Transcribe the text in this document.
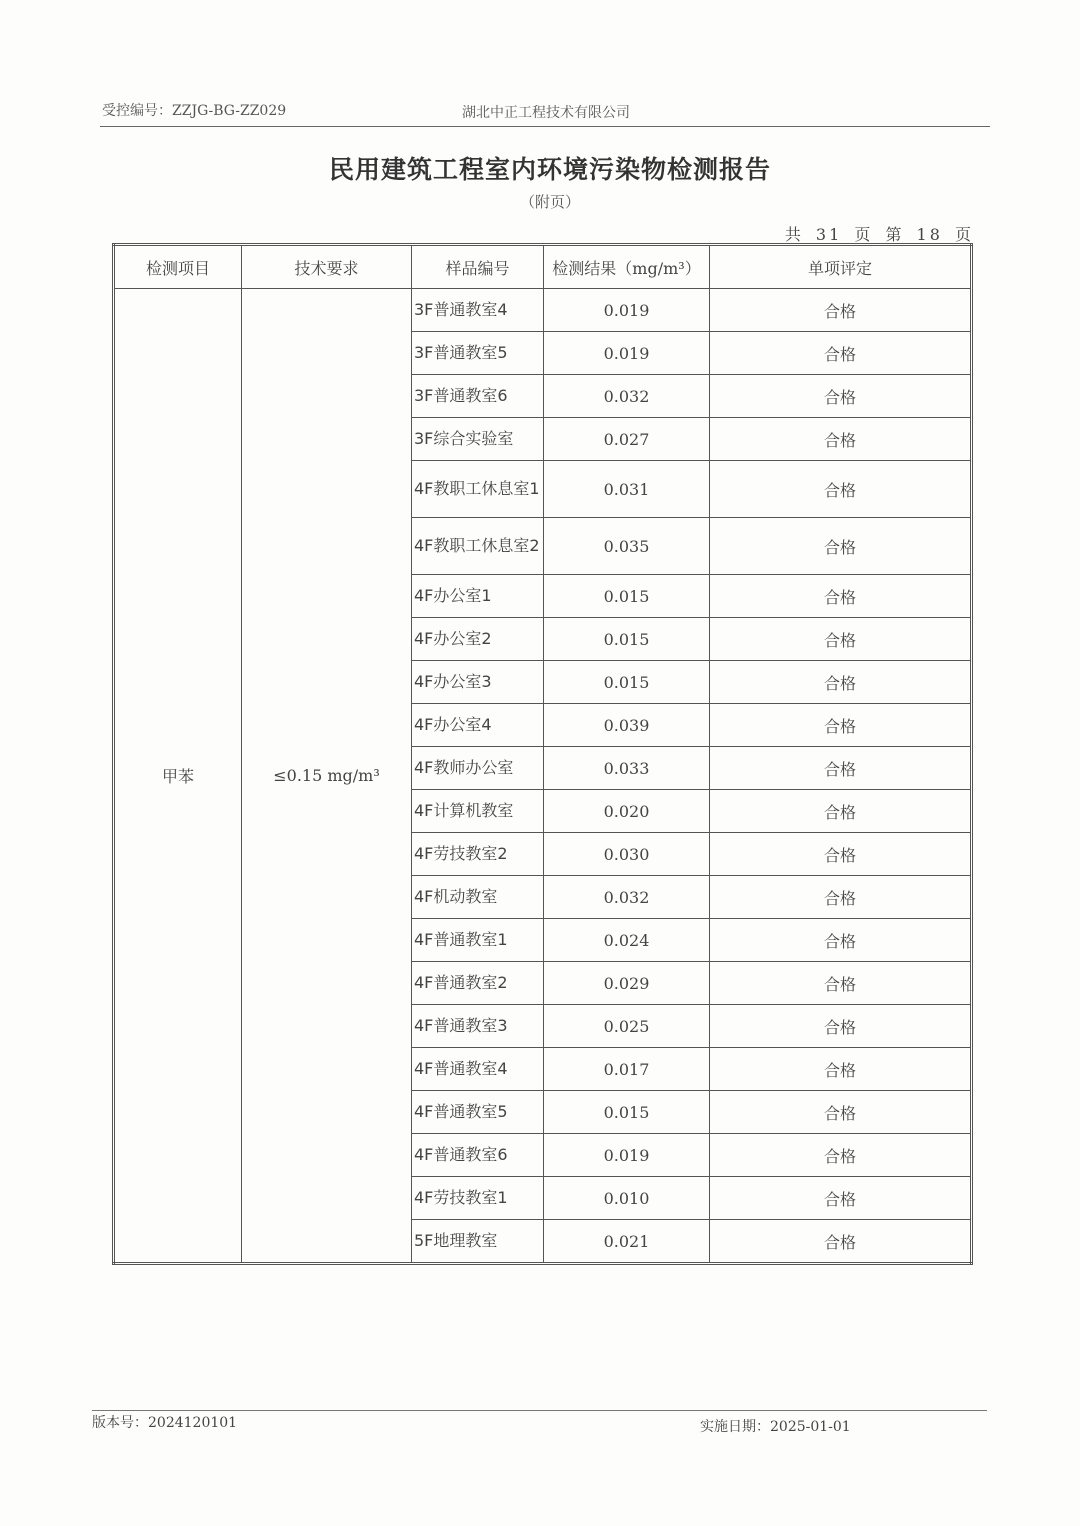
受控编号：ZZJG-BG-ZZ029	湖北中正工程技术有限公司
民用建筑工程室内环境污染物检测报告
（附页）
共 31 页 第 18 页
检测项目	技术要求	样品编号	检测结果（mg/m³）	单项评定
甲苯	≤0.15 mg/m³	3F普通教室4	0.019	合格
		3F普通教室5	0.019	合格
		3F普通教室6	0.032	合格
		3F综合实验室	0.027	合格
		4F教职工休息室1	0.031	合格
		4F教职工休息室2	0.035	合格
		4F办公室1	0.015	合格
		4F办公室2	0.015	合格
		4F办公室3	0.015	合格
		4F办公室4	0.039	合格
		4F教师办公室	0.033	合格
		4F计算机教室	0.020	合格
		4F劳技教室2	0.030	合格
		4F机动教室	0.032	合格
		4F普通教室1	0.024	合格
		4F普通教室2	0.029	合格
		4F普通教室3	0.025	合格
		4F普通教室4	0.017	合格
		4F普通教室5	0.015	合格
		4F普通教室6	0.019	合格
		4F劳技教室1	0.010	合格
		5F地理教室	0.021	合格
版本号：2024120101	实施日期：2025-01-01
